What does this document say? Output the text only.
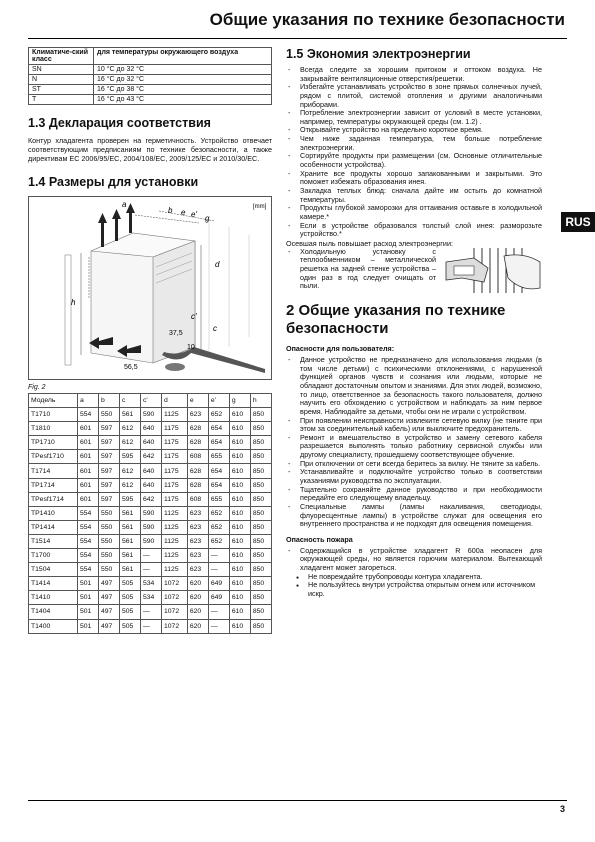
Общие указания по технике безопасности
RUS
Климатиче-ский класс	для температуры окружающего воздуха
SN	10 °C до 32 °C
N	16 °C до 32 °C
ST	16 °C до 38 °C
T	16 °C до 43 °C
1.3 Декларация соответствия

Контур хладагента проверен на герметичность. Устройство отвечает соответствующим предписаниям по технике безопасности, а также директивам ЕС 2006/95/EC, 2004/108/EC, 2009/125/EC и 2010/30/EC.

1.4 Размеры для установки
[mm]
a
b e e' g
h
d
c
c'
37,5
56,5
10
Fig. 2
Модель	a	b	c	c'	d	e	e'	g	h
T1710	554	550	561	590	1125	623	652	610	850
T1810	601	597	612	640	1175	628	654	610	850
TP1710	601	597	612	640	1175	628	654	610	850
TPesf1710	601	597	595	642	1175	608	655	610	850
T1714	601	597	612	640	1175	628	654	610	850
TP1714	601	597	612	640	1175	628	654	610	850
TPesf1714	601	597	595	642	1175	608	655	610	850
TP1410	554	550	561	590	1125	623	652	610	850
TP1414	554	550	561	590	1125	623	652	610	850
T1514	554	550	561	590	1125	623	652	610	850
T1700	554	550	561	—	1125	623	—	610	850
T1504	554	550	561	—	1125	623	—	610	850
T1414	501	497	505	534	1072	620	649	610	850
T1410	501	497	505	534	1072	620	649	610	850
T1404	501	497	505	—	1072	620	—	610	850
T1400	501	497	505	—	1072	620	—	610	850
1.5 Экономия электроэнергии
- Всегда следите за хорошим притоком и оттоком воздуха. Не закрывайте вентиляционные отверстия/решетки.
- Избегайте устанавливать устройство в зоне прямых солнечных лучей, рядом с плитой, системой отопления и другими аналогичными приборами.
- Потребление электроэнергии зависит от условий в месте установки, например, температуры окружающей среды (см. 1.2) .
- Открывайте устройство на предельно короткое время.
- Чем ниже заданная температура, тем больше потребление электроэнергии.
- Сортируйте продукты при размещении (см. Основные отличительные особенности устройства).
- Храните все продукты хорошо запакованными и закрытыми. Это поможет избежать образования инея.
- Закладка теплых блюд: сначала дайте им остыть до комнатной температуры.
- Продукты глубокой заморозки для оттаивания оставьте в холодильной камере.*
- Если в устройстве образовался толстый слой инея: разморозьте устройство.*

Осевшая пыль повышает расход электроэнергии:

- Холодильную установку с теплообменником – металлической решетка на задней стенке устройства – один раз в год следует очищать от пыли.
2 Общие указания по технике безопасности
Опасности для пользователя:
- Данное устройство не предназначено для использования людьми (в том числе детьми) с психическими отклонениями, с нарушенной функцией органов чувств и сознания или людьми, которые не обладают достаточным опытом и знаниями. Для этих людей, возможно, то лицо, ответственное за безопасность такого пользователя, должно научить его обхождению с устройством и наблюдать за ним первое время. Наблюдайте за детьми, чтобы они не играли с устройством.
- При появлении неисправности извлеките сетевую вилку (не тяните при этом за соединительный кабель) или выключите предохранитель.
- Ремонт и вмешательство в устройство и замену сетевого кабеля разрешается выполнять только работнику сервисной службы или другому специалисту, прошедшему соответствующее обучение.
- При отключении от сети всегда беритесь за вилку. Не тяните за кабель.
- Устанавливайте и подключайте устройство только в соответствии указаниями руководства по эксплуатации.
- Тщательно сохраняйте данное руководство и при необходимости передайте его следующему владельцу.
- Специальные лампы (лампы накаливания, светодиоды, флуоресцентные лампы) в устройстве служат для освещения его внутреннего пространства и не подходят для освещения помещения.
Опасность пожара
- Содержащийся в устройстве хладагент R 600a неопасен для окружающей среды, но является горючим материалом. Вытекающий хладагент может загореться.
● Не повреждайте трубопроводы контура хладагента.
● Не пользуйтесь внутри устройства открытым огнем или источником искр.
3
